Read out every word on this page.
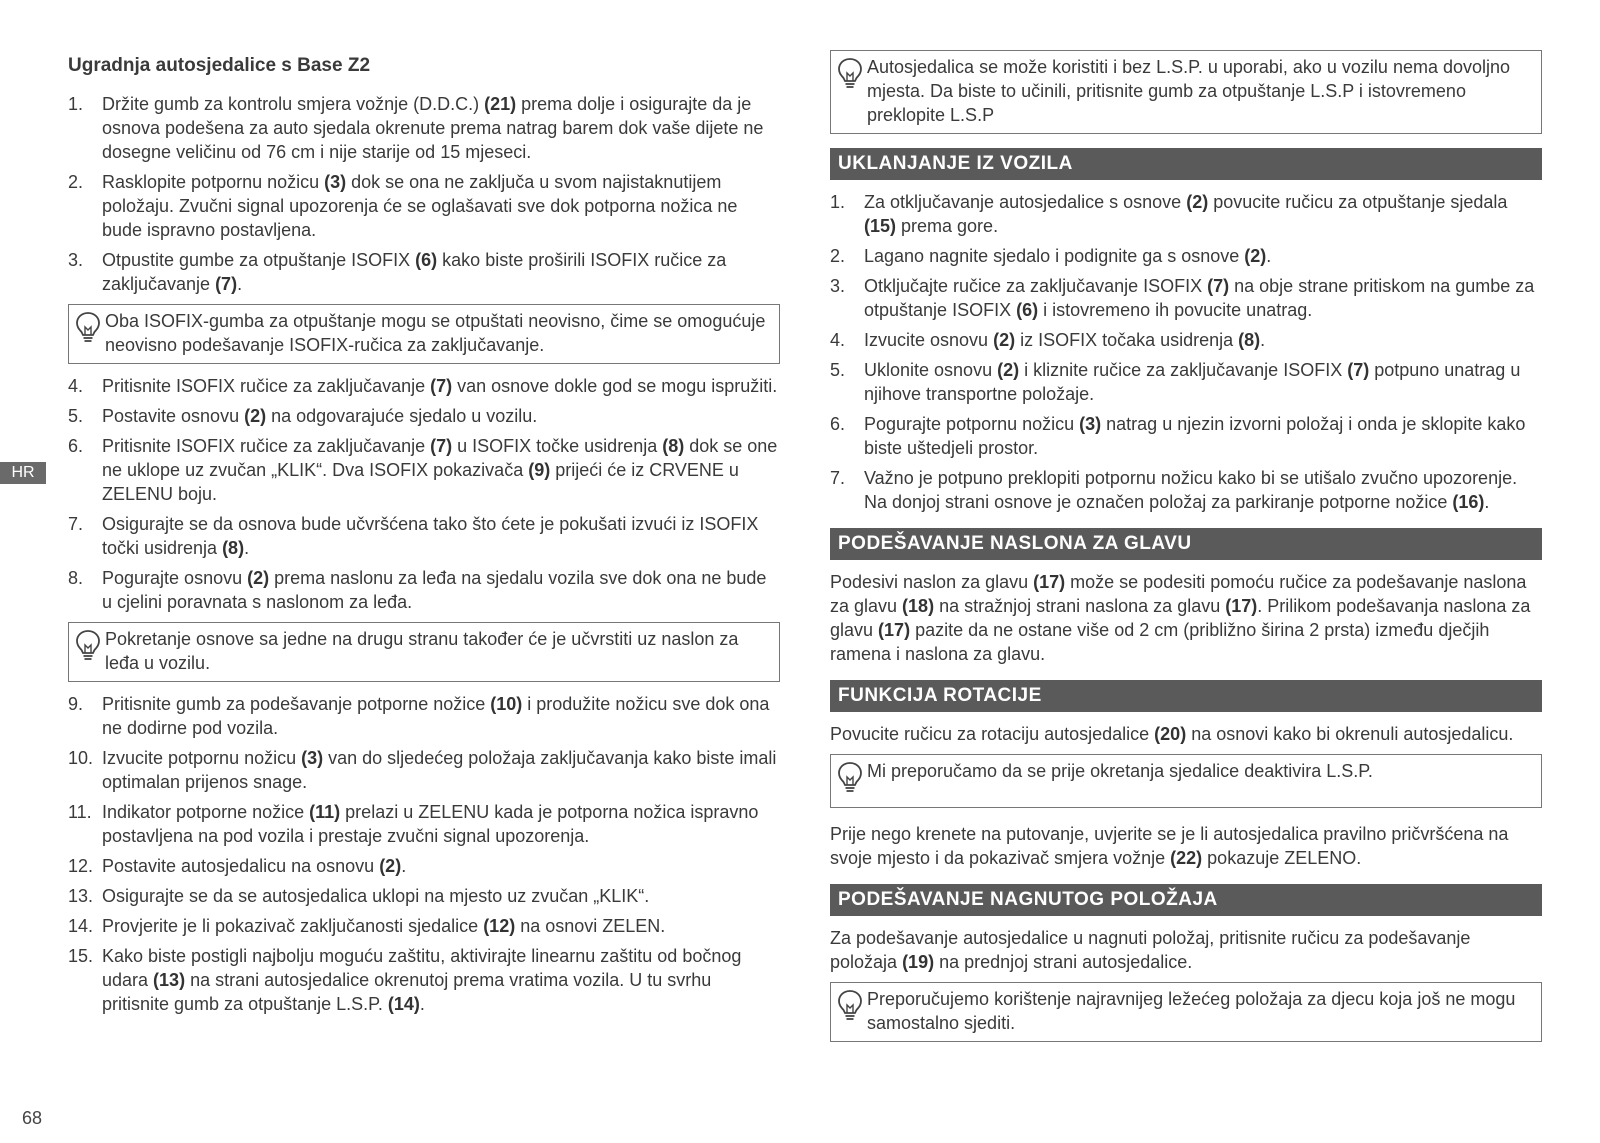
HR
Ugradnja autosjedalice s Base Z2
1. Držite gumb za kontrolu smjera vožnje (D.D.C.) (21) prema dolje i osigurajte da je osnova podešena za auto sjedala okrenute prema natrag barem dok vaše dijete ne dosegne veličinu od 76 cm i nije starije od 15 mjeseci.
2. Rasklopite potpornu nožicu (3) dok se ona ne zaključa u svom najistaknutijem položaju. Zvučni signal upozorenja će se oglašavati sve dok potporna nožica ne bude ispravno postavljena.
3. Otpustite gumbe za otpuštanje ISOFIX (6) kako biste proširili ISOFIX ručice za zaključavanje (7).
Oba ISOFIX-gumba za otpuštanje mogu se otpuštati neovisno, čime se omogućuje neovisno podešavanje ISOFIX-ručica za zaključavanje.
4. Pritisnite ISOFIX ručice za zaključavanje (7) van osnove dokle god se mogu ispružiti.
5. Postavite osnovu (2) na odgovarajuće sjedalo u vozilu.
6. Pritisnite ISOFIX ručice za zaključavanje (7) u ISOFIX točke usidrenja (8) dok se one ne uklope uz zvučan „KLIK“. Dva ISOFIX pokazivača (9) prijeći će iz CRVENE u ZELENU boju.
7. Osigurajte se da osnova bude učvršćena tako što ćete je pokušati izvući iz ISOFIX točki usidrenja (8).
8. Pogurajte osnovu (2) prema naslonu za leđa na sjedalu vozila sve dok ona ne bude u cjelini poravnata s naslonom za leđa.
Pokretanje osnove sa jedne na drugu stranu također će je učvrstiti uz naslon za leđa u vozilu.
9. Pritisnite gumb za podešavanje potporne nožice (10) i produžite nožicu sve dok ona ne dodirne pod vozila.
10. Izvucite potpornu nožicu (3) van do sljedećeg položaja zaključavanja kako biste imali optimalan prijenos snage.
11. Indikator potporne nožice (11) prelazi u ZELENU kada je potporna nožica ispravno postavljena na pod vozila i prestaje zvučni signal upozorenja.
12. Postavite autosjedalicu na osnovu (2).
13. Osigurajte se da se autosjedalica uklopi na mjesto uz zvučan „KLIK“.
14. Provjerite je li pokazivač zaključanosti sjedalice (12) na osnovi ZELEN.
15. Kako biste postigli najbolju moguću zaštitu, aktivirajte linearnu zaštitu od bočnog udara (13) na strani autosjedalice okrenutoj prema vratima vozila. U tu svrhu pritisnite gumb za otpuštanje L.S.P. (14).
Autosjedalica se može koristiti i bez L.S.P. u uporabi, ako u vozilu nema dovoljno mjesta. Da biste to učinili, pritisnite gumb za otpuštanje L.S.P i istovremeno preklopite L.S.P
UKLANJANJE IZ VOZILA
1. Za otključavanje autosjedalice s osnove (2) povucite ručicu za otpuštanje sjedala (15) prema gore.
2. Lagano nagnite sjedalo i podignite ga s osnove (2).
3. Otključajte ručice za zaključavanje ISOFIX (7) na obje strane pritiskom na gumbe za otpuštanje ISOFIX (6) i istovremeno ih povucite unatrag.
4. Izvucite osnovu (2) iz ISOFIX točaka usidrenja (8).
5. Uklonite osnovu (2) i kliznite ručice za zaključavanje ISOFIX (7) potpuno unatrag u njihove transportne položaje.
6. Pogurajte potpornu nožicu (3) natrag u njezin izvorni položaj i onda je sklopite kako biste uštedjeli prostor.
7. Važno je potpuno preklopiti potpornu nožicu kako bi se utišalo zvučno upozorenje. Na donjoj strani osnove je označen položaj za parkiranje potporne nožice (16).
PODEŠAVANJE NASLONA ZA GLAVU

Podesivi naslon za glavu (17) može se podesiti pomoću ručice za podešavanje naslona za glavu (18) na stražnjoj strani naslona za glavu (17). Prilikom podešavanja naslona za glavu (17) pazite da ne ostane više od 2 cm (približno širina 2 prsta) između dječjih ramena i naslona za glavu.

FUNKCIJA ROTACIJE

Povucite ručicu za rotaciju autosjedalice (20) na osnovi kako bi okrenuli autosjedalicu.

Mi preporučamo da se prije okretanja sjedalice deaktivira L.S.P.

Prije nego krenete na putovanje, uvjerite se je li autosjedalica pravilno pričvršćena na svoje mjesto i da pokazivač smjera vožnje (22) pokazuje ZELENO.

PODEŠAVANJE NAGNUTOG POLOŽAJA

Za podešavanje autosjedalice u nagnuti položaj, pritisnite ručicu za podešavanje položaja (19) na prednjoj strani autosjedalice.

Preporučujemo korištenje najravnijeg ležećeg položaja za djecu koja još ne mogu samostalno sjediti.
68
